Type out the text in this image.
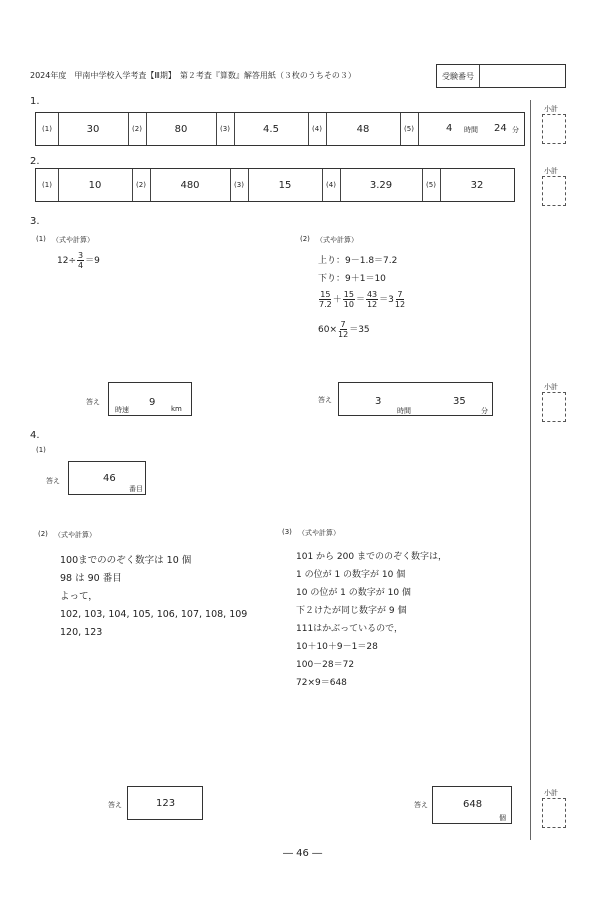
2024年度　甲南中学校入学考査【Ⅲ期】　第２考査『算数』解答用紙（３枚のうちその３）	受験番号
小計
小計
小計
小計
1.
(1)	30	(2)	80	(3)	4.5	(4)	48	(5)	4 時間 24 分
2.
(1)	10	(2)	480	(3)	15	(4)	3.29	(5)	32
3.
(1) （式や計算）
$12\div \frac{3}{4} =9$
答え
時速
9
km
(2) （式や計算）
上り：9－1.8＝7.2
下り：9＋1＝10
$\frac{15}{7.2} + \frac{15}{10} = \frac{43}{12} =3 \frac{7}{12}$
$60\times \frac{7}{12} =35$
答え	3
時間
35
分
4.
(1)
答え	46
番目
(2) （式や計算）
100までののぞく数字は 10 個
98 は 90 番目
よって，
102, 103, 104, 105, 106, 107, 108, 109
120, 123
答え	123
(3) （式や計算）
101 から 200 までののぞく数字は，
1 の位が 1 の数字が 10 個
10 の位が 1 の数字が 10 個
下２けたが同じ数字が 9 個
111はかぶっているので，
10＋10＋9－1＝28
100－28＝72
72×9＝648
答え	648
個
― 46 ―
